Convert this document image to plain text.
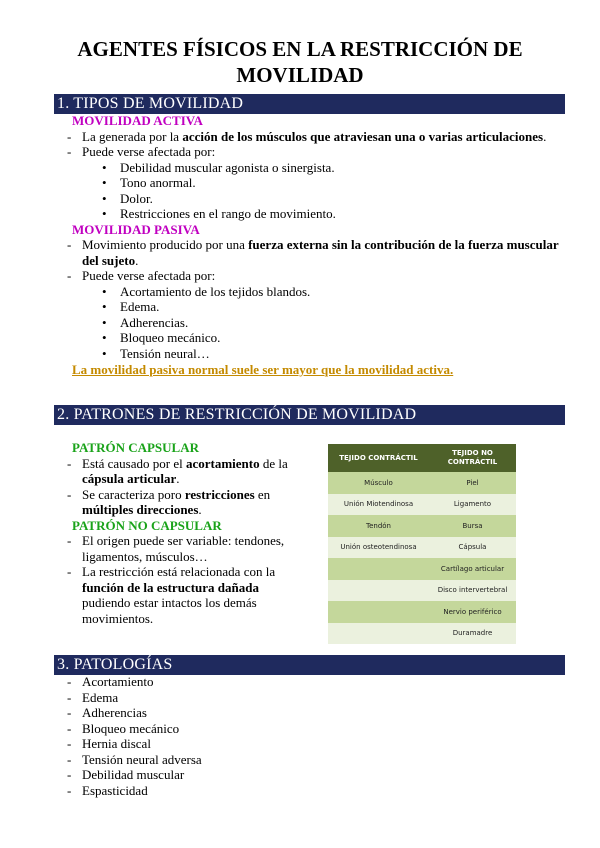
AGENTES FÍSICOS EN LA RESTRICCIÓN DE MOVILIDAD
1. TIPOS DE MOVILIDAD
MOVILIDAD ACTIVA
- La generada por la acción de los músculos que atraviesan una o varias articulaciones.
- Puede verse afectada por:
• Debilidad muscular agonista o sinergista.
• Tono anormal.
• Dolor.
• Restricciones en el rango de movimiento.
MOVILIDAD PASIVA
- Movimiento producido por una fuerza externa sin la contribución de la fuerza muscular del sujeto.
- Puede verse afectada por:
• Acortamiento de los tejidos blandos.
• Edema.
• Adherencias.
• Bloqueo mecánico.
• Tensión neural…
La movilidad pasiva normal suele ser mayor que la movilidad activa.
2. PATRONES DE RESTRICCIÓN DE MOVILIDAD
PATRÓN CAPSULAR
- Está causado por el acortamiento de la cápsula articular.
- Se caracteriza poro restricciones en múltiples direcciones.
PATRÓN NO CAPSULAR
- El origen puede ser variable: tendones, ligamentos, músculos…
- La restricción está relacionada con la función de la estructura dañada pudiendo estar intactos los demás movimientos.
TEJIDO CONTRÁCTIL	TEJIDO NO CONTRÁCTIL
Músculo	Piel
Unión Miotendinosa	Ligamento
Tendón	Bursa
Unión osteotendinosa	Cápsula
	Cartílago articular
	Disco intervertebral
	Nervio periférico
	Duramadre
3. PATOLOGÍAS
- Acortamiento
- Edema
- Adherencias
- Bloqueo mecánico
- Hernia discal
- Tensión neural adversa
- Debilidad muscular
- Espasticidad
